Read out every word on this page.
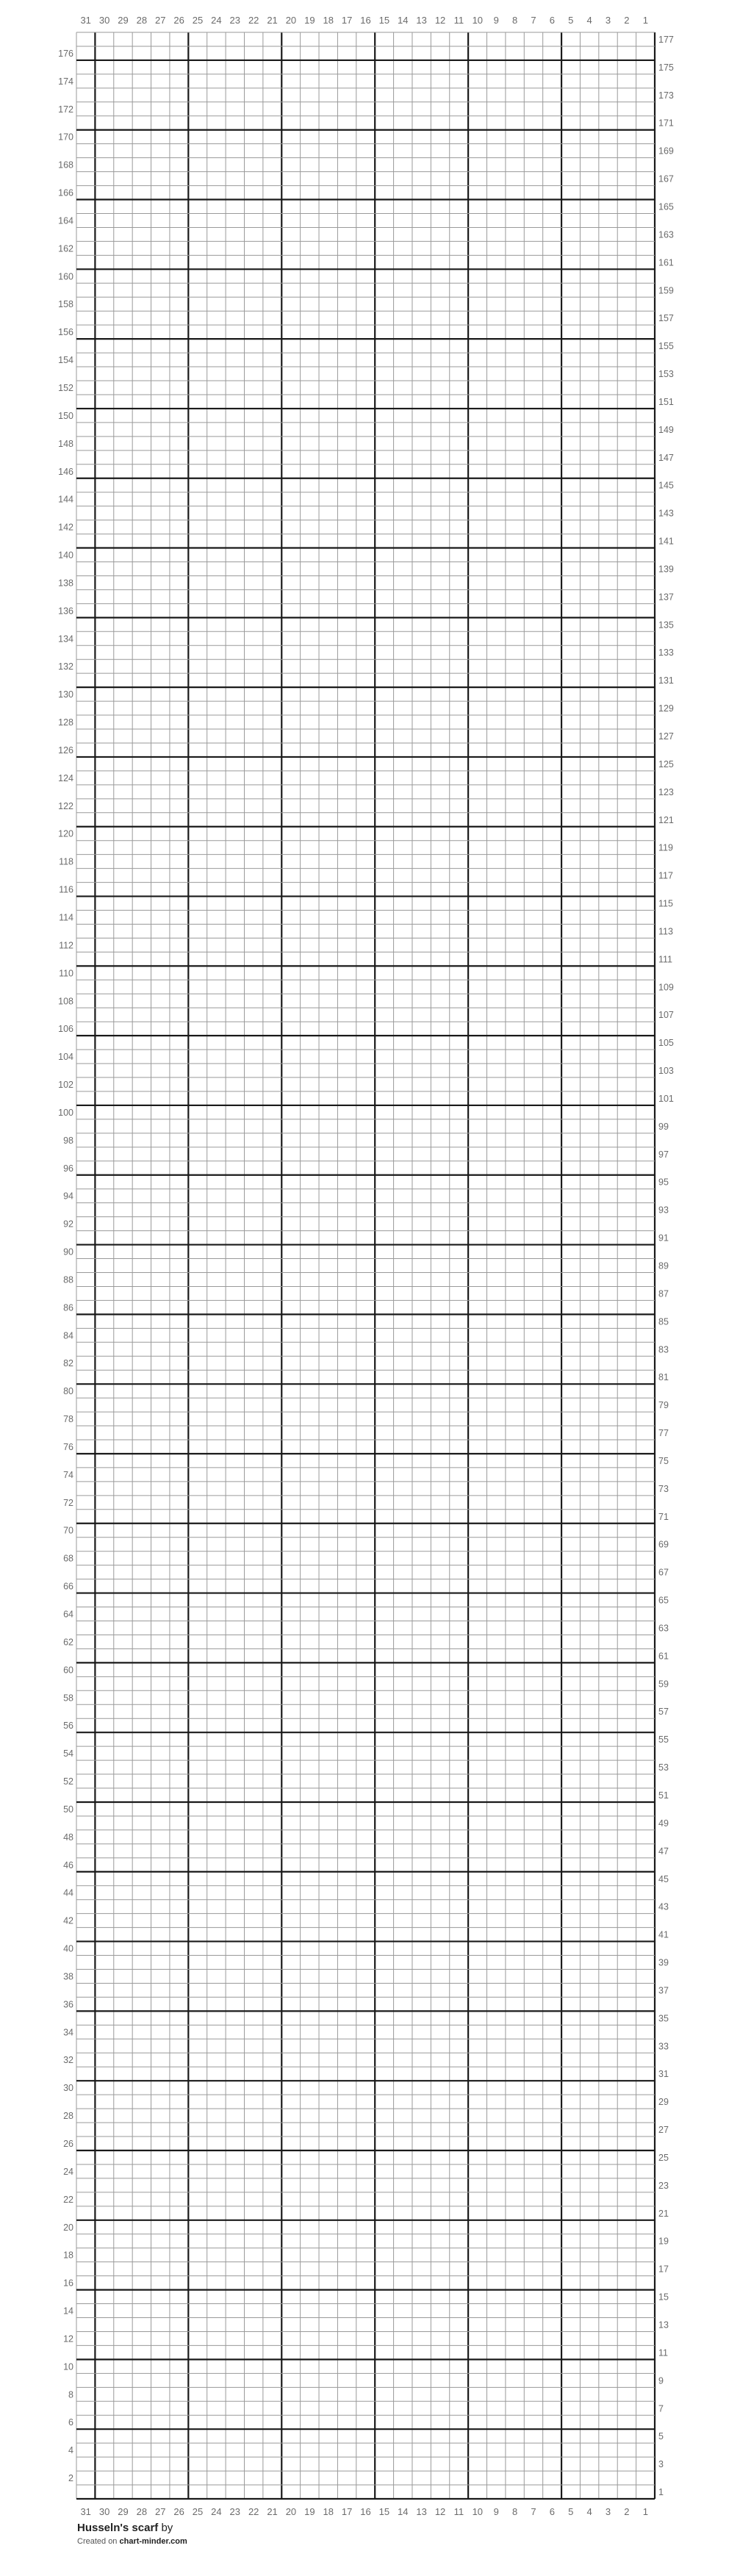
1
1
2
2
3
3
4
4
5
5
6
6
7
7
8
8
9
9
10
10
11
11
12
12
13
13
14
14
15
15
16
16
17
17
18
18
19
19
20
20
21
21
22
22
23
23
24
24
25
25
26
26
27
27
28
28
29
29
30
30
31
31
1
2
3
4
5
6
7
8
9
10
11
12
13
14
15
16
17
18
19
20
21
22
23
24
25
26
27
28
29
30
31
32
33
34
35
36
37
38
39
40
41
42
43
44
45
46
47
48
49
50
51
52
53
54
55
56
57
58
59
60
61
62
63
64
65
66
67
68
69
70
71
72
73
74
75
76
77
78
79
80
81
82
83
84
85
86
87
88
89
90
91
92
93
94
95
96
97
98
99
100
101
102
103
104
105
106
107
108
109
110
111
112
113
114
115
116
117
118
119
120
121
122
123
124
125
126
127
128
129
130
131
132
133
134
135
136
137
138
139
140
141
142
143
144
145
146
147
148
149
150
151
152
153
154
155
156
157
158
159
160
161
162
163
164
165
166
167
168
169
170
171
172
173
174
175
176
177
Husseln's scarf by
Created on chart-minder.com
